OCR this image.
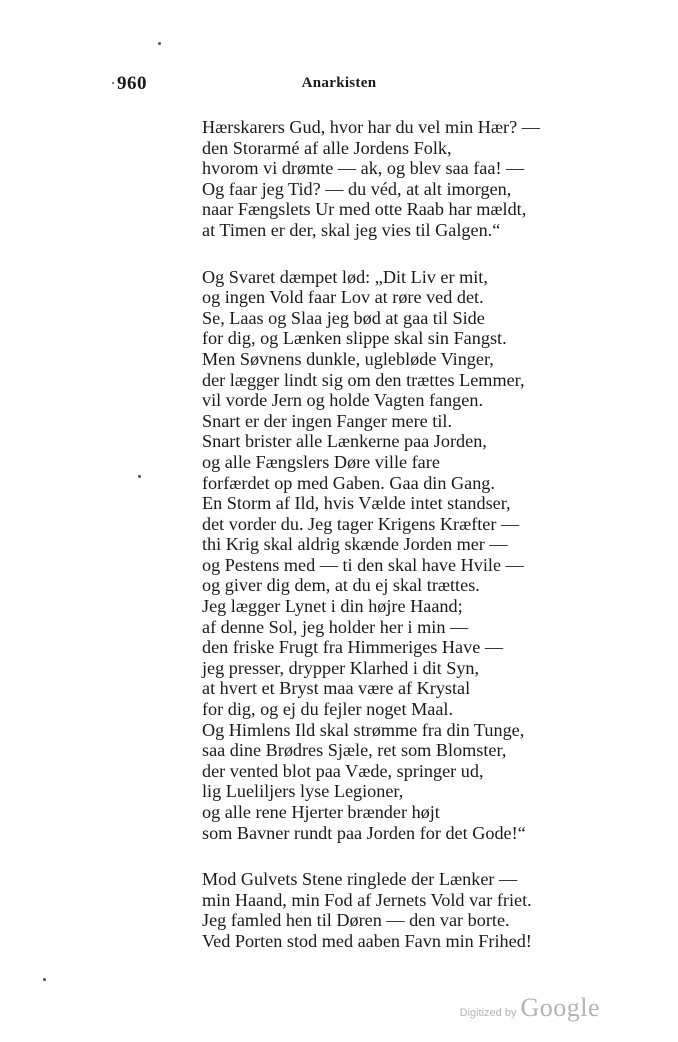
960	Anarkisten
Hærskarers Gud, hvor har du vel min Hær? —
den Storarmé af alle Jordens Folk,
hvorom vi drømte — ak, og blev saa faa! —
Og faar jeg Tid? — du véd, at alt imorgen,
naar Fængslets Ur med otte Raab har mældt,
at Timen er der, skal jeg vies til Galgen.“
Og Svaret dæmpet lød: „Dit Liv er mit,
og ingen Vold faar Lov at røre ved det.
Se, Laas og Slaa jeg bød at gaa til Side
for dig, og Lænken slippe skal sin Fangst.
Men Søvnens dunkle, uglebløde Vinger,
der lægger lindt sig om den trættes Lemmer,
vil vorde Jern og holde Vagten fangen.
Snart er der ingen Fanger mere til.
Snart brister alle Lænkerne paa Jorden,
og alle Fængslers Døre ville fare
forfærdet op med Gaben. Gaa din Gang.
En Storm af Ild, hvis Vælde intet standser,
det vorder du. Jeg tager Krigens Kræfter —
thi Krig skal aldrig skænde Jorden mer —
og Pestens med — ti den skal have Hvile —
og giver dig dem, at du ej skal trættes.
Jeg lægger Lynet i din højre Haand;
af denne Sol, jeg holder her i min —
den friske Frugt fra Himmeriges Have —
jeg presser, drypper Klarhed i dit Syn,
at hvert et Bryst maa være af Krystal
for dig, og ej du fejler noget Maal.
Og Himlens Ild skal strømme fra din Tunge,
saa dine Brødres Sjæle, ret som Blomster,
der vented blot paa Væde, springer ud,
lig Lueliljers lyse Legioner,
og alle rene Hjerter brænder højt
som Bavner rundt paa Jorden for det Gode!“
Mod Gulvets Stene ringlede der Lænker —
min Haand, min Fod af Jernets Vold var friet.
Jeg famled hen til Døren — den var borte.
Ved Porten stod med aaben Favn min Frihed!
Digitized by Google
